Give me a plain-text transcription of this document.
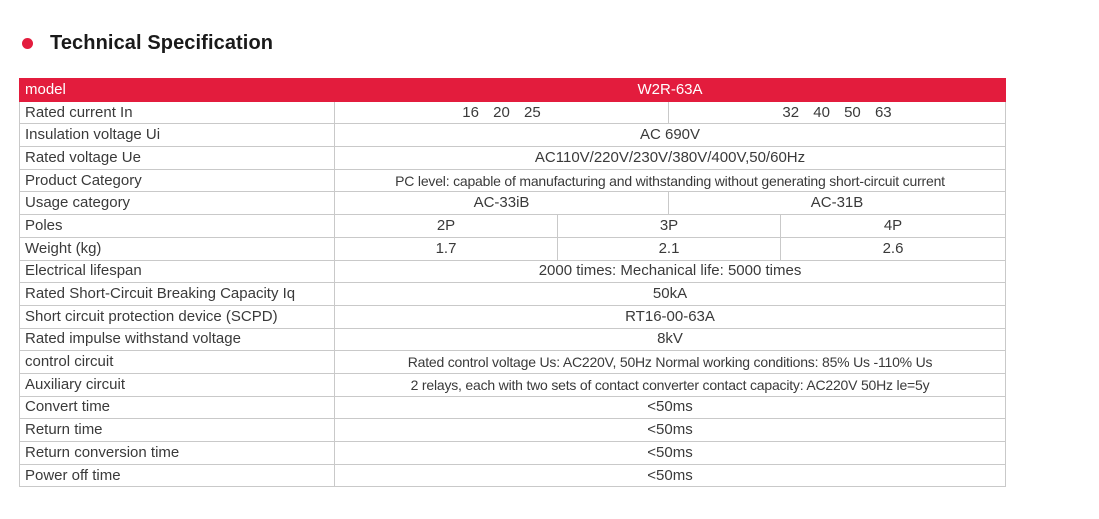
Technical Specification
model	W2R-63A			
Rated current In	16 20 25		32 40 50 63	
Insulation voltage Ui	AC 690V			
Rated voltage Ue	AC110V/220V/230V/380V/400V,50/60Hz			
Product Category	PC level: capable of manufacturing and withstanding without generating short-circuit current			
Usage category	AC-33iB		AC-31B	
Poles	2P	3P		4P
Weight (kg)	1.7	2.1		2.6
Electrical lifespan	2000 times: Mechanical life: 5000 times			
Rated Short-Circuit Breaking Capacity Iq	50kA			
Short circuit protection device (SCPD)	RT16-00-63A			
Rated impulse withstand voltage	8kV			
control circuit	Rated control voltage Us: AC220V, 50Hz Normal working conditions: 85% Us -110% Us			
Auxiliary circuit	2 relays, each with two sets of contact converter contact capacity: AC220V 50Hz le=5y			
Convert time	<50ms			
Return time	<50ms			
Return conversion time	<50ms			
Power off time	<50ms			
